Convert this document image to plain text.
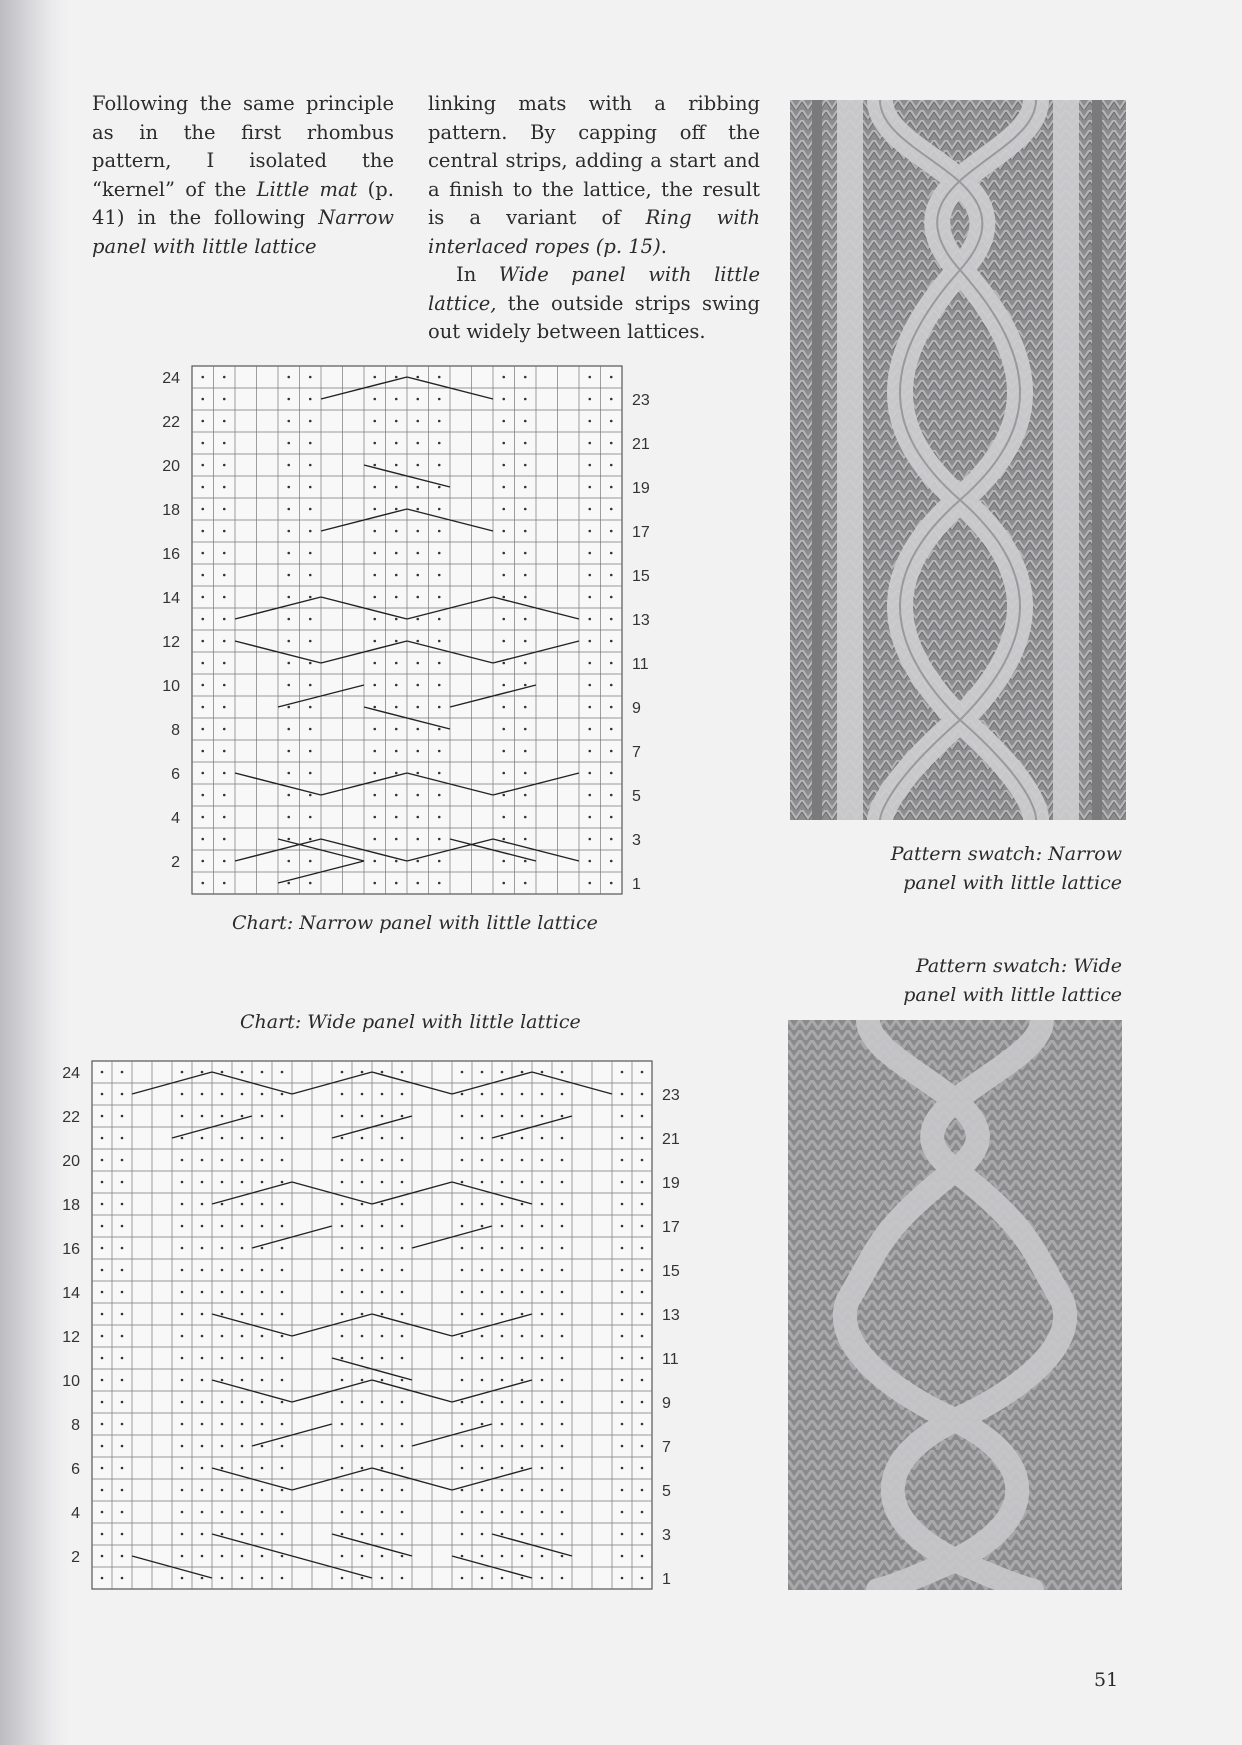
Following the same principle as in the first rhombus pattern, I isolated the “kernel” of the Little mat (p. 41) in the following Narrow panel with little lattice

linking mats with a ribbing pattern. By capping off the central strips, adding a start and a finish to the lattice, the result is a variant of Ring with interlaced ropes (p. 15).

In Wide panel with little lattice, the outside strips swing out widely between lattices.

2
4
6
8
10
12
14
16
18
20
22
24
1
3
5
7
9
11
13
15
17
19
21
23
Chart: Narrow panel with little lattice
Chart: Wide panel with little lattice
2
4
6
8
10
12
14
16
18
20
22
24
1
3
5
7
9
11
13
15
17
19
21
23
Pattern swatch: Narrow
panel with little lattice
Pattern swatch: Wide
panel with little lattice
51
